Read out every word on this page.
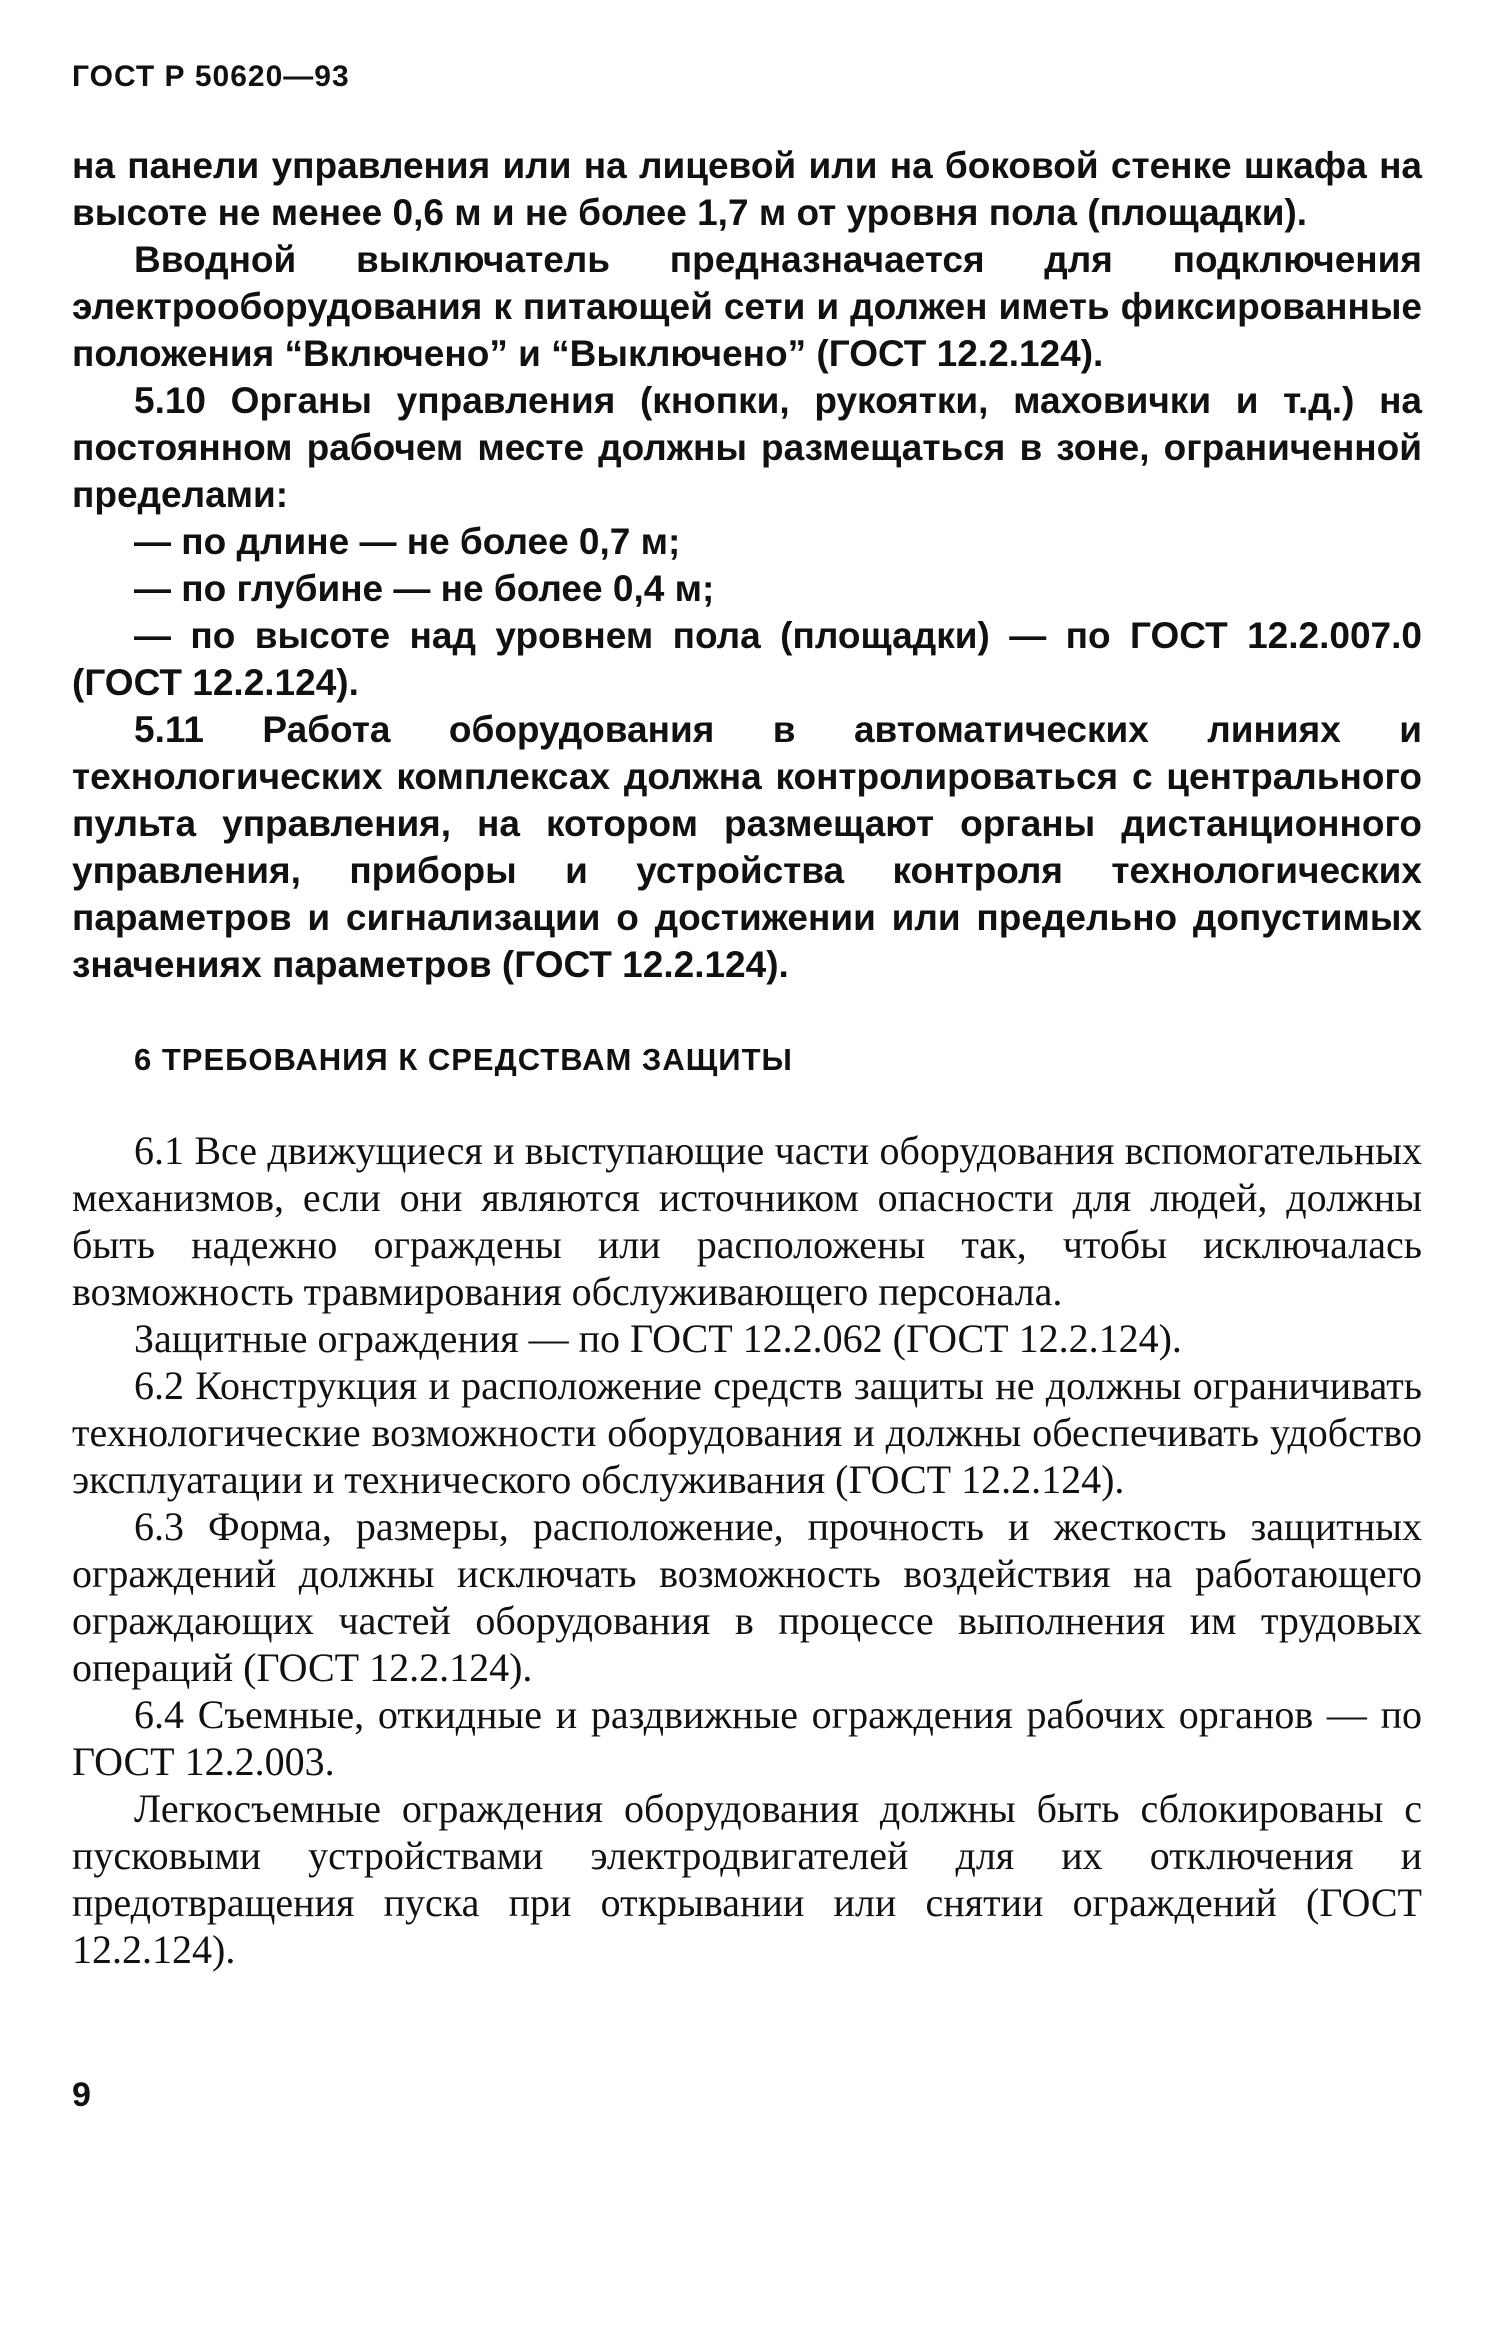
ГОСТ Р 50620—93

на панели управления или на лицевой или на боковой стенке шкафа на высоте не менее 0,6 м и не более 1,7 м от уровня пола (площадки).

Вводной выключатель предназначается для подключения электрооборудования к питающей сети и должен иметь фиксированные положения “Включено” и “Выключено” (ГОСТ 12.2.124).

5.10 Органы управления (кнопки, рукоятки, маховички и т.д.) на постоянном рабочем месте должны размещаться в зоне, ограниченной пределами:

— по длине — не более 0,7 м;

— по глубине — не более 0,4 м;

— по высоте над уровнем пола (площадки) — по ГОСТ 12.2.007.0 (ГОСТ 12.2.124).

5.11 Работа оборудования в автоматических линиях и технологических комплексах должна контролироваться с центрального пульта управления, на котором размещают органы дистанционного управления, приборы и устройства контроля технологических параметров и сигнализации о достижении или предельно допустимых значениях параметров (ГОСТ 12.2.124).

6 ТРЕБОВАНИЯ К СРЕДСТВАМ ЗАЩИТЫ

6.1 Все движущиеся и выступающие части оборудования вспомогательных механизмов, если они являются источником опасности для людей, должны быть надежно ограждены или расположены так, чтобы исключалась возможность травмирования обслуживающего персонала.

Защитные ограждения — по ГОСТ 12.2.062 (ГОСТ 12.2.124).

6.2 Конструкция и расположение средств защиты не должны ограничивать технологические возможности оборудования и должны обеспечивать удобство эксплуатации и технического обслуживания (ГОСТ 12.2.124).

6.3 Форма, размеры, расположение, прочность и жесткость защитных ограждений должны исключать возможность воздействия на работающего ограждающих частей оборудования в процессе выполнения им трудовых операций (ГОСТ 12.2.124).

6.4 Съемные, откидные и раздвижные ограждения рабочих органов — по ГОСТ 12.2.003.

Легкосъемные ограждения оборудования должны быть сблокированы с пусковыми устройствами электродвигателей для их отключения и предотвращения пуска при открывании или снятии ограждений (ГОСТ 12.2.124).

9
